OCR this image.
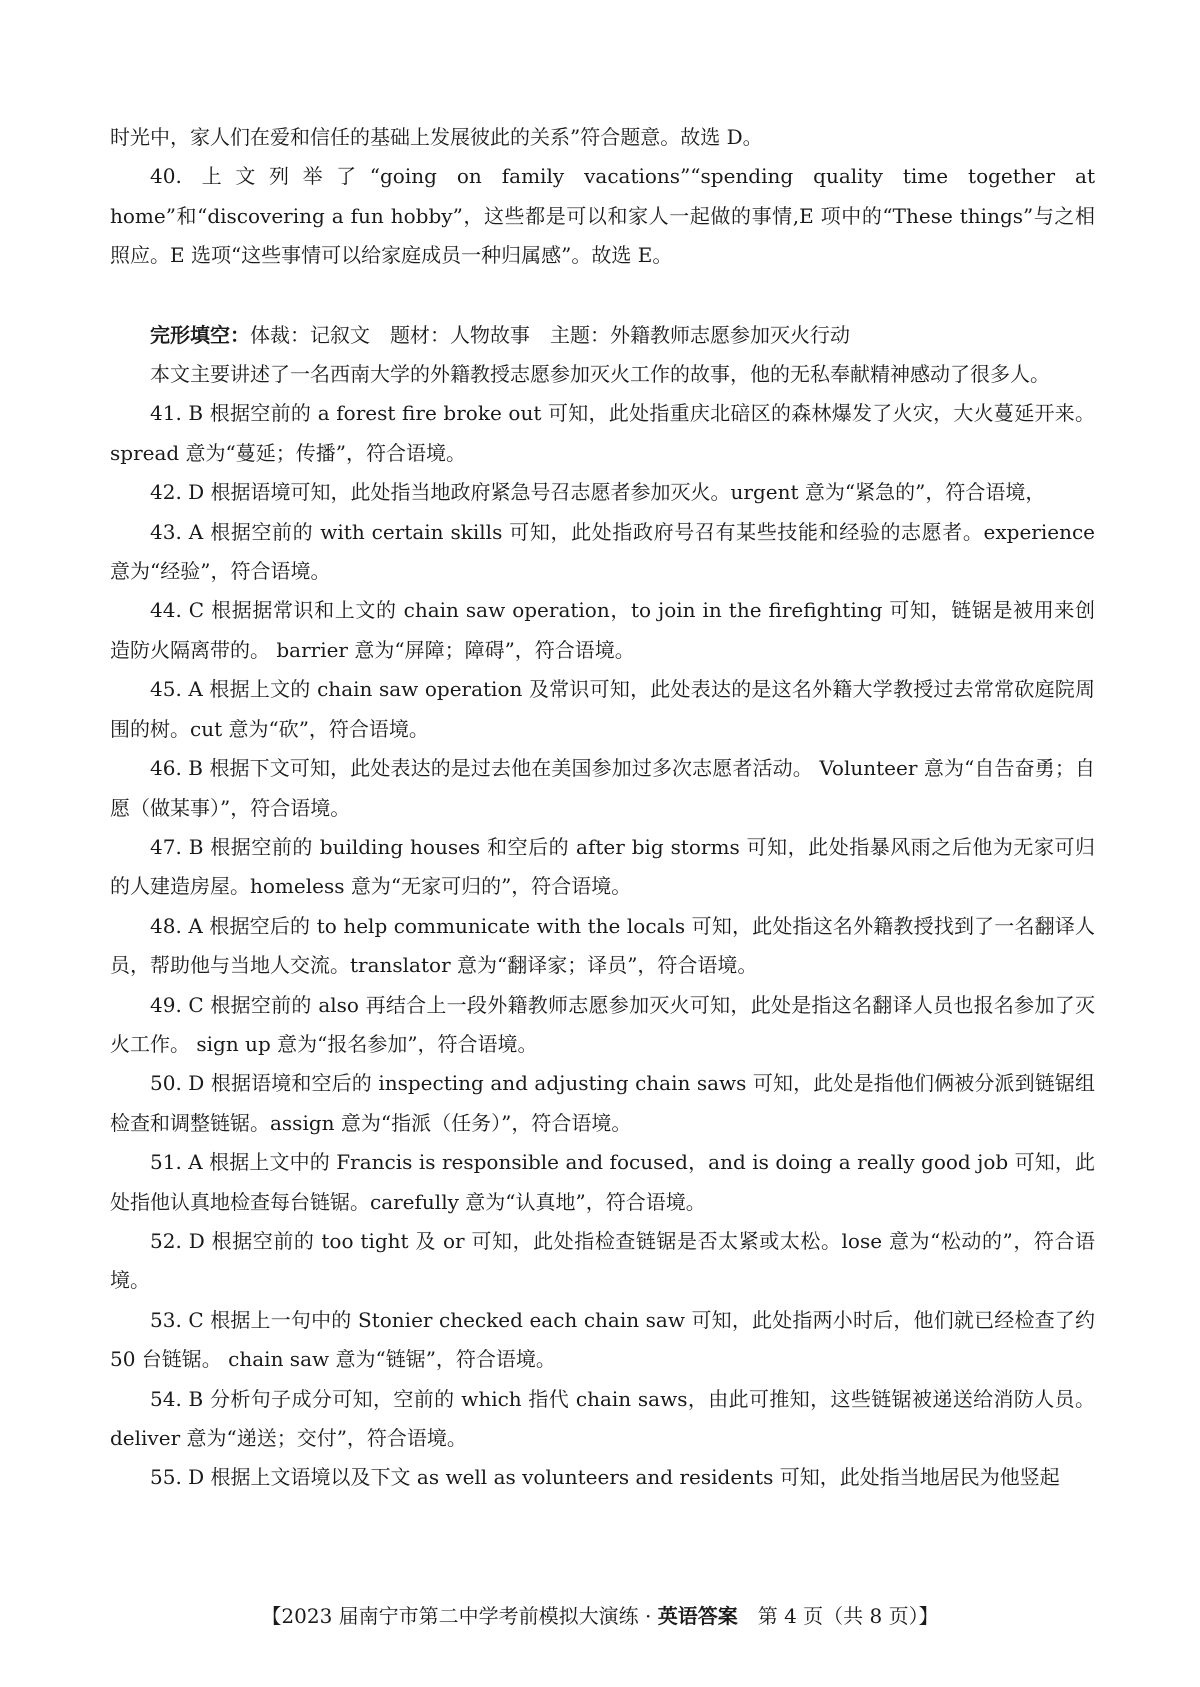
时光中，家人们在爱和信任的基础上发展彼此的关系”符合题意。故选 D。

40. 上文列举了“going on family vacations”“spending quality time together at home”和“discovering a fun hobby”，这些都是可以和家人一起做的事情,E 项中的“These things”与之相照应。E 选项“这些事情可以给家庭成员一种归属感”。故选 E。

完形填空：体裁：记叙文　题材：人物故事　主题：外籍教师志愿参加灭火行动

本文主要讲述了一名西南大学的外籍教授志愿参加灭火工作的故事，他的无私奉献精神感动了很多人。

41. B 根据空前的 a forest fire broke out 可知，此处指重庆北碚区的森林爆发了火灾，大火蔓延开来。 spread 意为“蔓延；传播”，符合语境。

42. D 根据语境可知，此处指当地政府紧急号召志愿者参加灭火。urgent 意为“紧急的”，符合语境，

43. A 根据空前的 with certain skills 可知，此处指政府号召有某些技能和经验的志愿者。experience 意为“经验”，符合语境。

44. C 根据据常识和上文的 chain saw operation，to join in the firefighting 可知，链锯是被用来创造防火隔离带的。 barrier 意为“屏障；障碍”，符合语境。

45. A 根据上文的 chain saw operation 及常识可知，此处表达的是这名外籍大学教授过去常常砍庭院周围的树。cut 意为“砍”，符合语境。

46. B 根据下文可知，此处表达的是过去他在美国参加过多次志愿者活动。 Volunteer 意为“自告奋勇；自愿（做某事）”，符合语境。

47. B 根据空前的 building houses 和空后的 after big storms 可知，此处指暴风雨之后他为无家可归的人建造房屋。homeless 意为“无家可归的”，符合语境。

48. A 根据空后的 to help communicate with the locals 可知，此处指这名外籍教授找到了一名翻译人员，帮助他与当地人交流。translator 意为“翻译家；译员”，符合语境。

49. C 根据空前的 also 再结合上一段外籍教师志愿参加灭火可知，此处是指这名翻译人员也报名参加了灭火工作。 sign up 意为“报名参加”，符合语境。

50. D 根据语境和空后的 inspecting and adjusting chain saws 可知，此处是指他们俩被分派到链锯组检查和调整链锯。assign 意为“指派（任务）”，符合语境。

51. A 根据上文中的 Francis is responsible and focused，and is doing a really good job 可知，此处指他认真地检查每台链锯。carefully 意为“认真地”，符合语境。

52. D 根据空前的 too tight 及 or 可知，此处指检查链锯是否太紧或太松。lose 意为“松动的”，符合语境。

53. C 根据上一句中的 Stonier checked each chain saw 可知，此处指两小时后，他们就已经检查了约 50 台链锯。 chain saw 意为“链锯”，符合语境。

54. B 分析句子成分可知，空前的 which 指代 chain saws，由此可推知，这些链锯被递送给消防人员。 deliver 意为“递送；交付”，符合语境。

55. D 根据上文语境以及下文 as well as volunteers and residents 可知，此处指当地居民为他竖起

【2023 届南宁市第二中学考前模拟大演练 · 英语答案　第 4 页（共 8 页）】
